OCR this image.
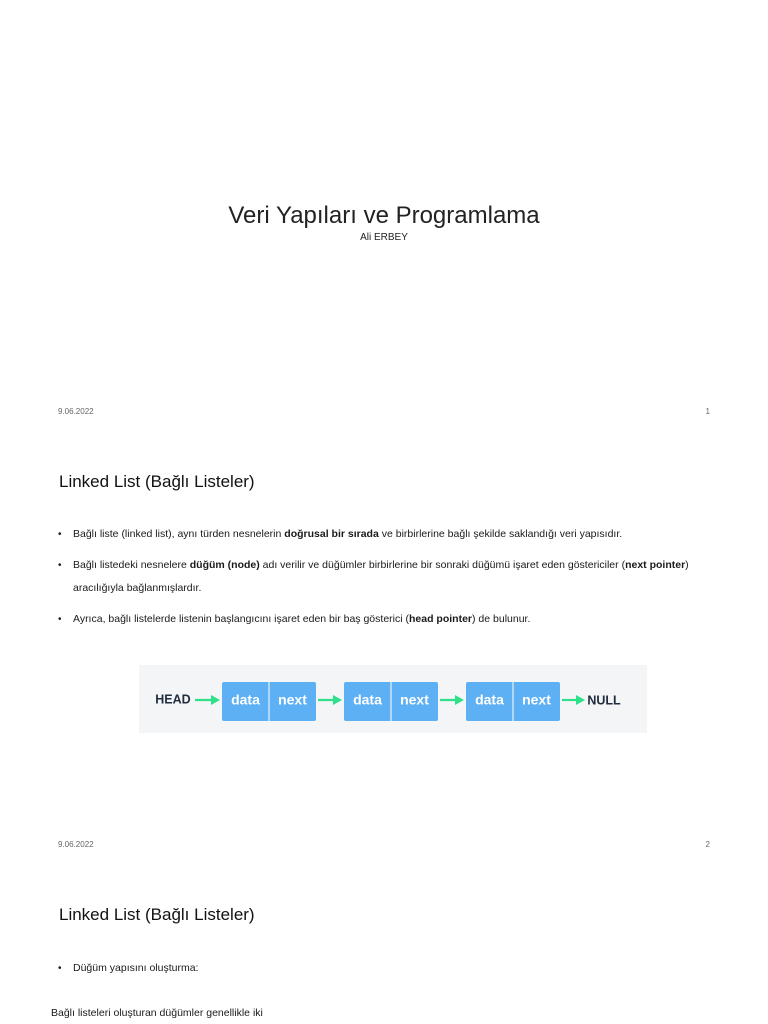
Veri Yapıları ve Programlama
Ali ERBEY
9.06.2022	1
Linked List (Bağlı Listeler)
• Bağlı liste (linked list), aynı türden nesnelerin doğrusal bir sırada ve birbirlerine bağlı şekilde saklandığı veri yapısıdır.
• Bağlı listedeki nesnelere düğüm (node) adı verilir ve düğümler birbirlerine bir sonraki düğümü işaret eden göstericiler (next pointer) aracılığıyla bağlanmışlardır.
• Ayrıca, bağlı listelerde listenin başlangıcını işaret eden bir baş gösterici (head pointer) de bulunur.
HEAD	data next	data next	data next	NULL
9.06.2022	2
Linked List (Bağlı Listeler)
• Düğüm yapısını oluşturma:
Bağlı listeleri oluşturan düğümler genellikle iki
